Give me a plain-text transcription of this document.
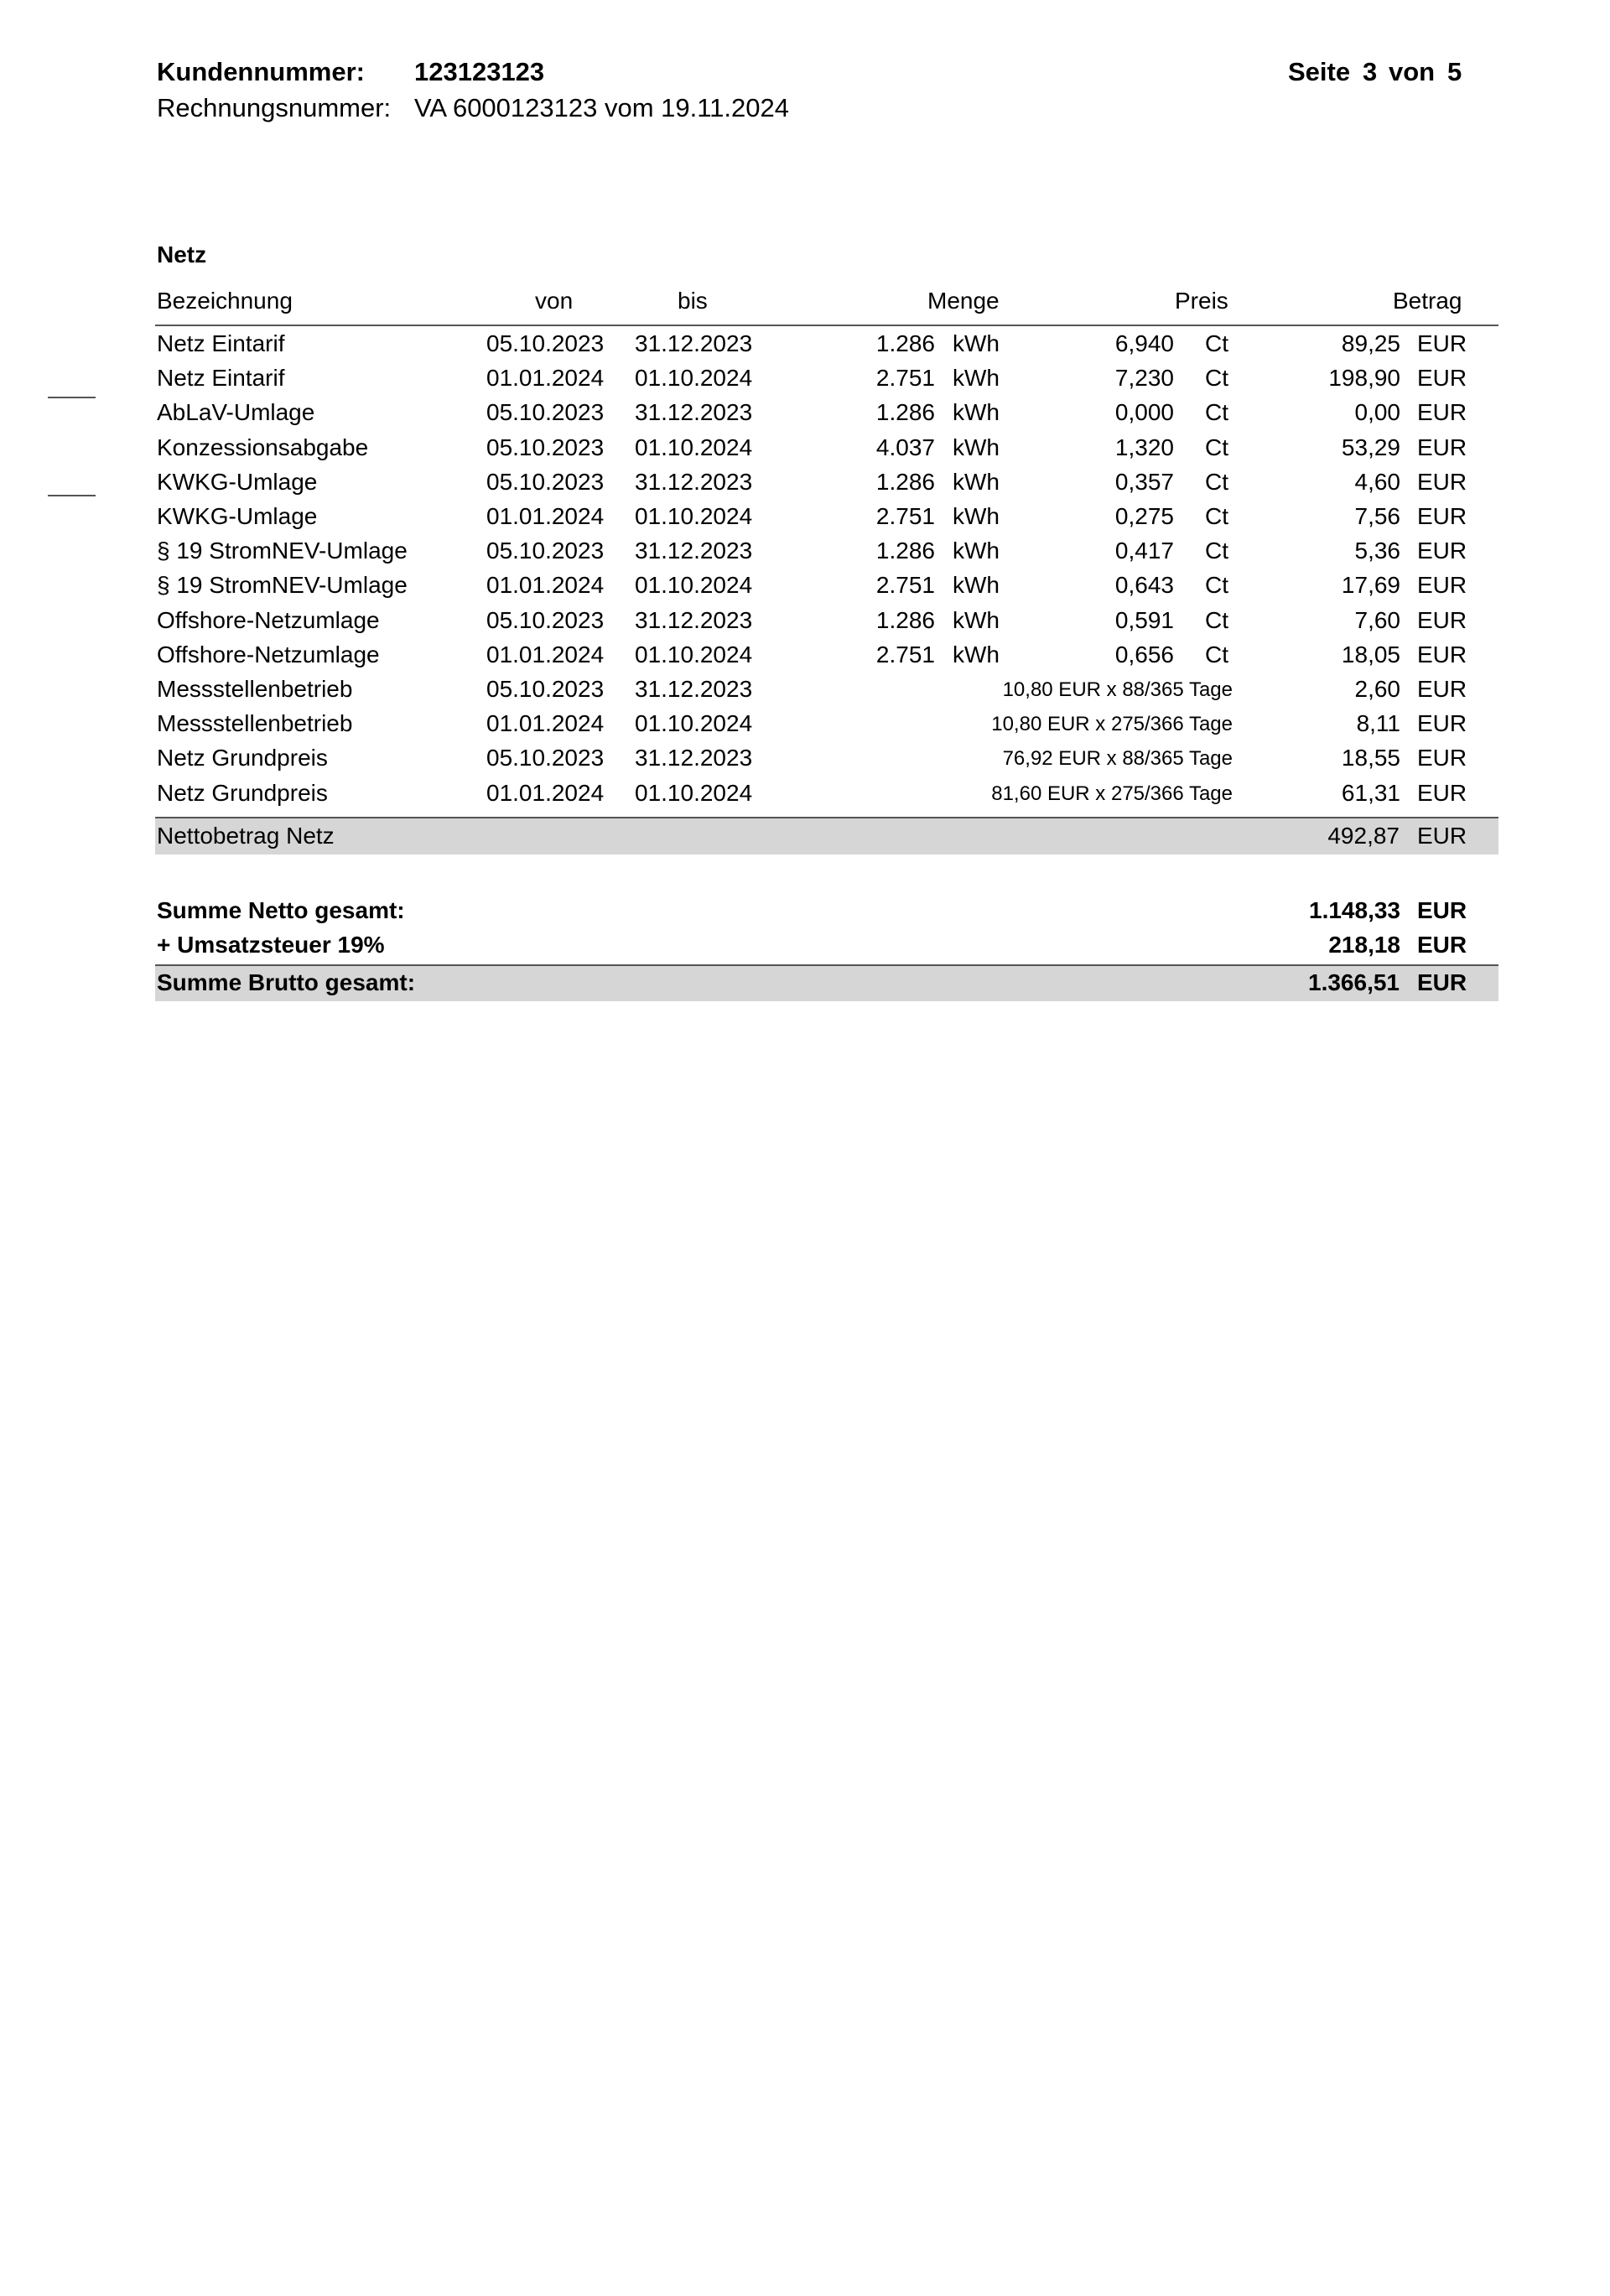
Kundennummer: 123123123	Seite 3 von 5
Rechnungsnummer: VA 6000123123 vom 19.11.2024
Netz
Bezeichnung	von	bis	Menge	Preis	Betrag
Netz Eintarif	05.10.2023 31.12.2023	1.286 kWh	6,940 Ct	89,25 EUR
Netz Eintarif	01.01.2024 01.10.2024	2.751 kWh	7,230 Ct	198,90 EUR
AbLaV-Umlage	05.10.2023 31.12.2023	1.286 kWh	0,000 Ct	0,00 EUR
Konzessionsabgabe	05.10.2023 01.10.2024	4.037 kWh	1,320 Ct	53,29 EUR
KWKG-Umlage	05.10.2023 31.12.2023	1.286 kWh	0,357 Ct	4,60 EUR
KWKG-Umlage	01.01.2024 01.10.2024	2.751 kWh	0,275 Ct	7,56 EUR
§ 19 StromNEV-Umlage	05.10.2023 31.12.2023	1.286 kWh	0,417 Ct	5,36 EUR
§ 19 StromNEV-Umlage	01.01.2024 01.10.2024	2.751 kWh	0,643 Ct	17,69 EUR
Offshore-Netzumlage	05.10.2023 31.12.2023	1.286 kWh	0,591 Ct	7,60 EUR
Offshore-Netzumlage	01.01.2024 01.10.2024	2.751 kWh	0,656 Ct	18,05 EUR
Messstellenbetrieb	05.10.2023 31.12.2023	10,80 EUR x 88/365 Tage	2,60 EUR
Messstellenbetrieb	01.01.2024 01.10.2024	10,80 EUR x 275/366 Tage	8,11 EUR
Netz Grundpreis	05.10.2023 31.12.2023	76,92 EUR x 88/365 Tage	18,55 EUR
Netz Grundpreis	01.01.2024 01.10.2024	81,60 EUR x 275/366 Tage	61,31 EUR
Nettobetrag Netz	492,87 EUR
Summe Netto gesamt:	1.148,33 EUR
+ Umsatzsteuer 19%	218,18 EUR
Summe Brutto gesamt:	1.366,51 EUR
